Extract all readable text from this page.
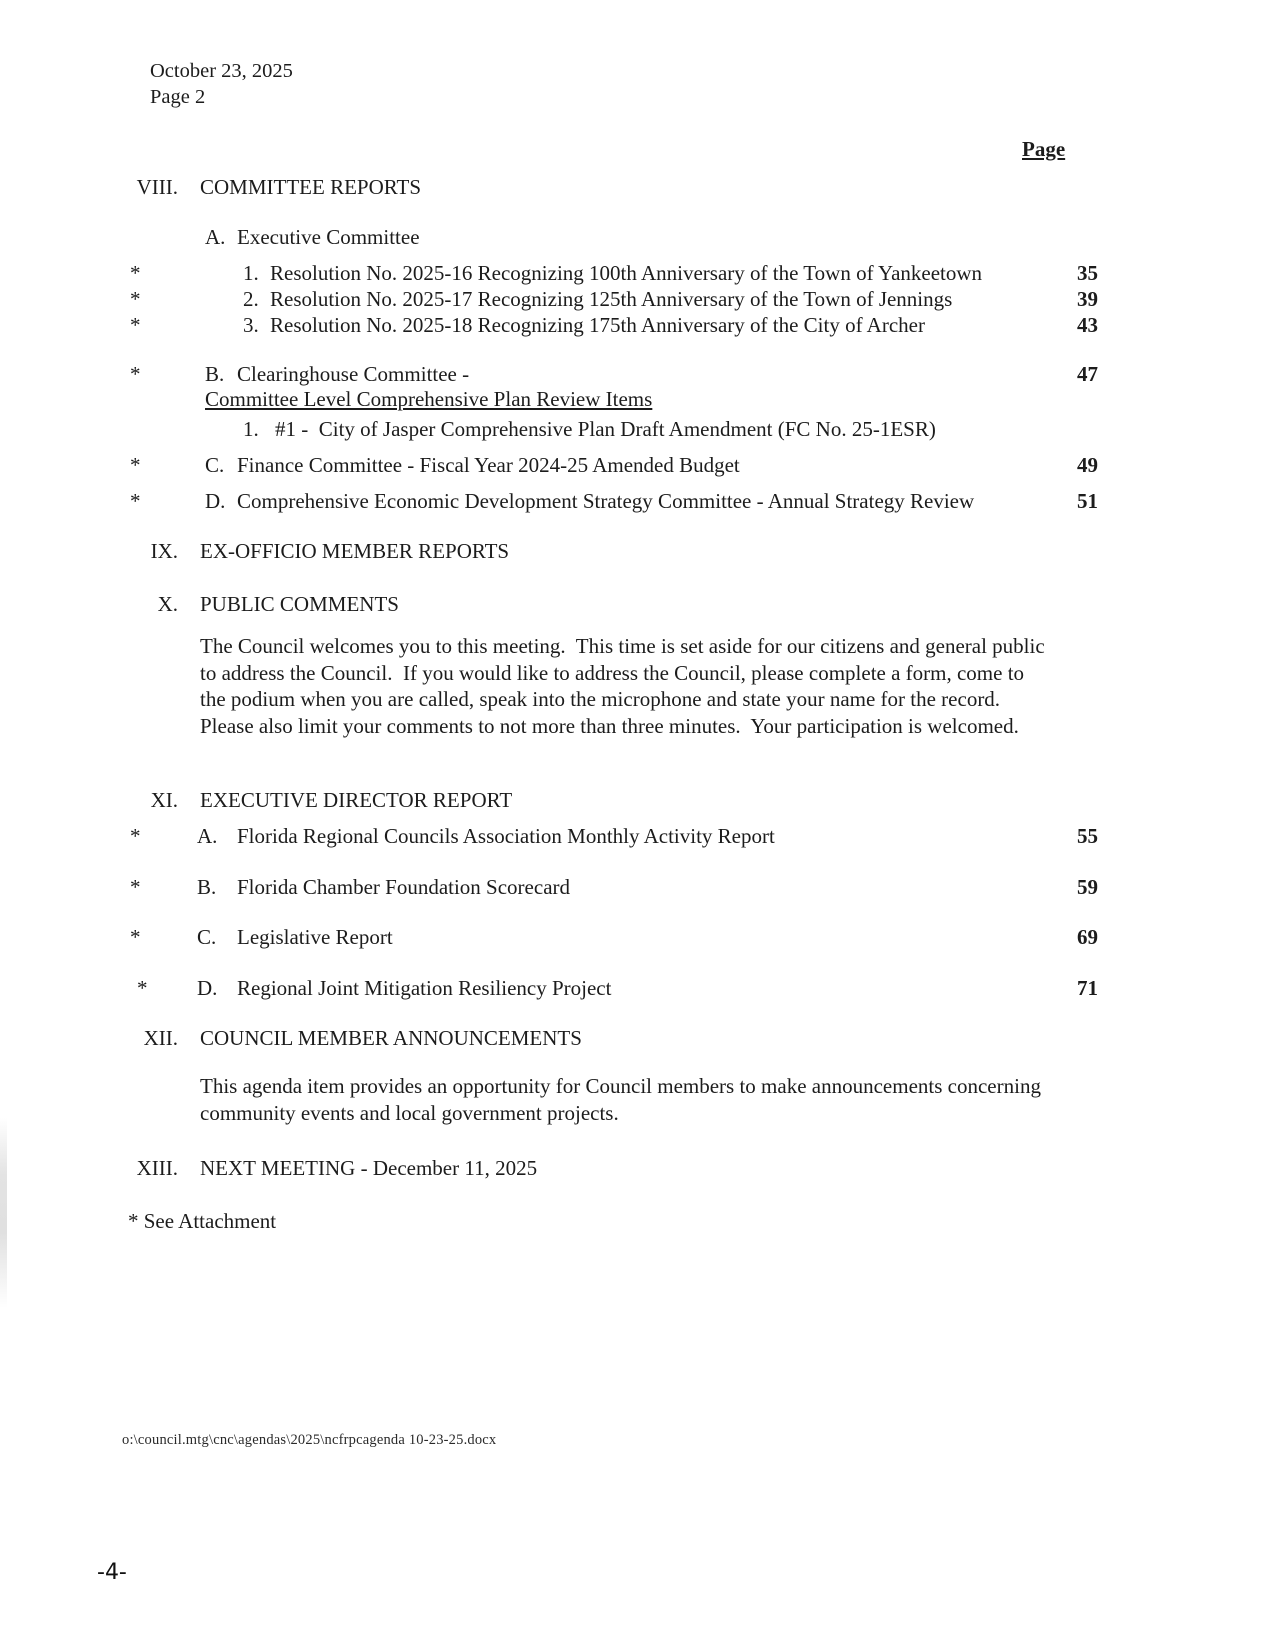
October 23, 2025
Page 2
Page
VIII. COMMITTEE REPORTS
A. Executive Committee
*	1. Resolution No. 2025-16 Recognizing 100th Anniversary of the Town of Yankeetown	35
*	2. Resolution No. 2025-17 Recognizing 125th Anniversary of the Town of Jennings	39
*	3. Resolution No. 2025-18 Recognizing 175th Anniversary of the City of Archer	43
*	B. Clearinghouse Committee -	47
Committee Level Comprehensive Plan Review Items
1. #1 -  City of Jasper Comprehensive Plan Draft Amendment (FC No. 25-1ESR)
*	C. Finance Committee - Fiscal Year 2024-25 Amended Budget	49
*	D. Comprehensive Economic Development Strategy Committee - Annual Strategy Review	51
IX. EX-OFFICIO MEMBER REPORTS
X. PUBLIC COMMENTS
The Council welcomes you to this meeting.  This time is set aside for our citizens and general public to address the Council.  If you would like to address the Council, please complete a form, come to the podium when you are called, speak into the microphone and state your name for the record.  Please also limit your comments to not more than three minutes.  Your participation is welcomed.
XI. EXECUTIVE DIRECTOR REPORT
*	A. Florida Regional Councils Association Monthly Activity Report	55
*	B. Florida Chamber Foundation Scorecard	59
*	C. Legislative Report	69
* D. Regional Joint Mitigation Resiliency Project	71
XII. COUNCIL MEMBER ANNOUNCEMENTS
This agenda item provides an opportunity for Council members to make announcements concerning community events and local government projects.
XIII. NEXT MEETING - December 11, 2025
* See Attachment
o:\council.mtg\cnc\agendas\2025\ncfrpcagenda 10-23-25.docx
-4-
